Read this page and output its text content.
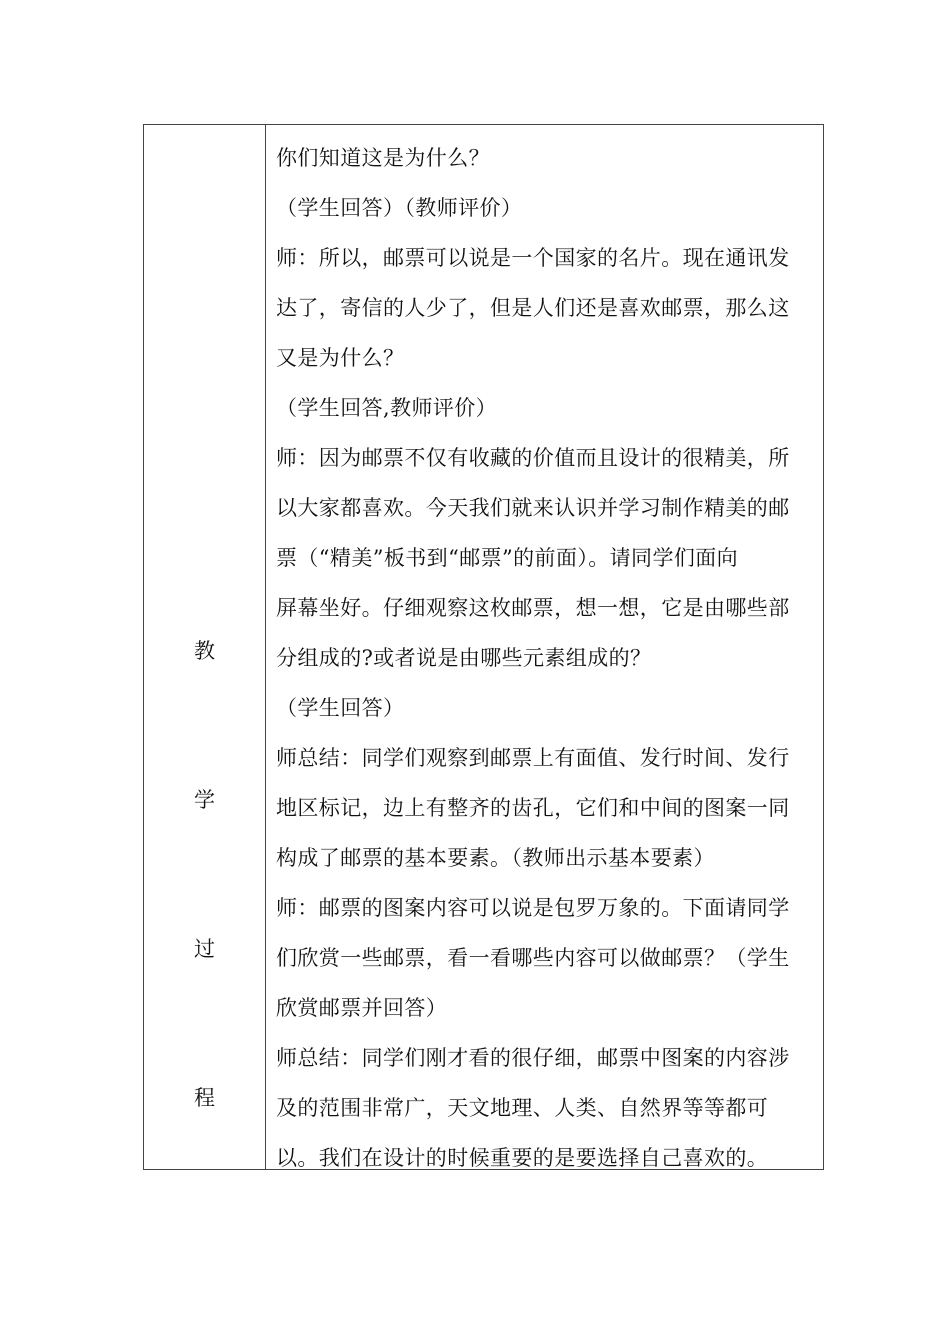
教
学
过
程
你们知道这是为什么？
（学生回答）（教师评价）
师：所以，邮票可以说是一个国家的名片。现在通讯发
达了，寄信的人少了，但是人们还是喜欢邮票，那么这
又是为什么？
（学生回答,教师评价）
师：因为邮票不仅有收藏的价值而且设计的很精美，所
以大家都喜欢。今天我们就来认识并学习制作精美的邮
票（“精美”板书到“邮票”的前面）。请同学们面向
屏幕坐好。仔细观察这枚邮票，想一想，它是由哪些部
分组成的?或者说是由哪些元素组成的？
（学生回答）
师总结：同学们观察到邮票上有面值、发行时间、发行
地区标记，边上有整齐的齿孔，它们和中间的图案一同
构成了邮票的基本要素。（教师出示基本要素）
师：邮票的图案内容可以说是包罗万象的。下面请同学
们欣赏一些邮票，看一看哪些内容可以做邮票？（学生
欣赏邮票并回答）
师总结：同学们刚才看的很仔细，邮票中图案的内容涉
及的范围非常广，天文地理、人类、自然界等等都可
以。我们在设计的时候重要的是要选择自己喜欢的。
